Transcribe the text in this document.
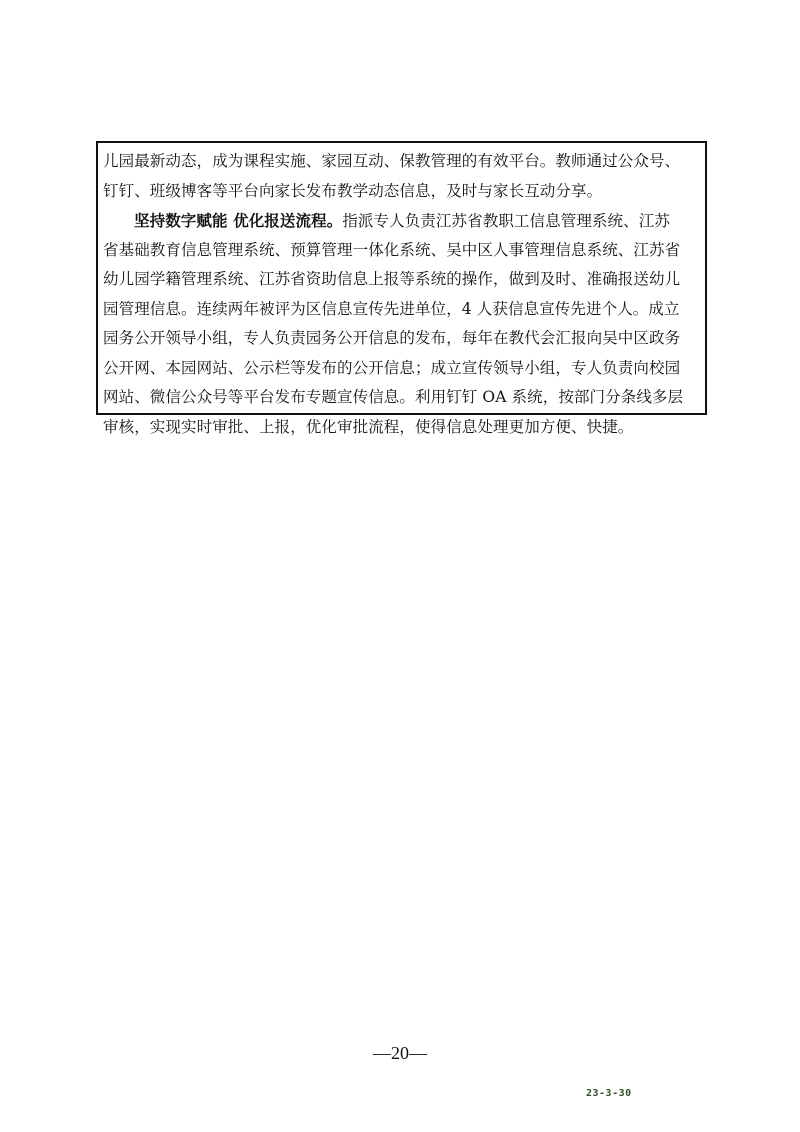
儿园最新动态，成为课程实施、家园互动、保教管理的有效平台。教师通过公众号、
钉钉、班级博客等平台向家长发布教学动态信息，及时与家长互动分享。
坚持数字赋能 优化报送流程。指派专人负责江苏省教职工信息管理系统、江苏
省基础教育信息管理系统、预算管理一体化系统、吴中区人事管理信息系统、江苏省
幼儿园学籍管理系统、江苏省资助信息上报等系统的操作，做到及时、准确报送幼儿
园管理信息。连续两年被评为区信息宣传先进单位，4 人获信息宣传先进个人。成立
园务公开领导小组，专人负责园务公开信息的发布，每年在教代会汇报向吴中区政务
公开网、本园网站、公示栏等发布的公开信息；成立宣传领导小组，专人负责向校园
网站、微信公众号等平台发布专题宣传信息。利用钉钉 OA 系统，按部门分条线多层
审核，实现实时审批、上报，优化审批流程，使得信息处理更加方便、快捷。
—20—
23-3-30
